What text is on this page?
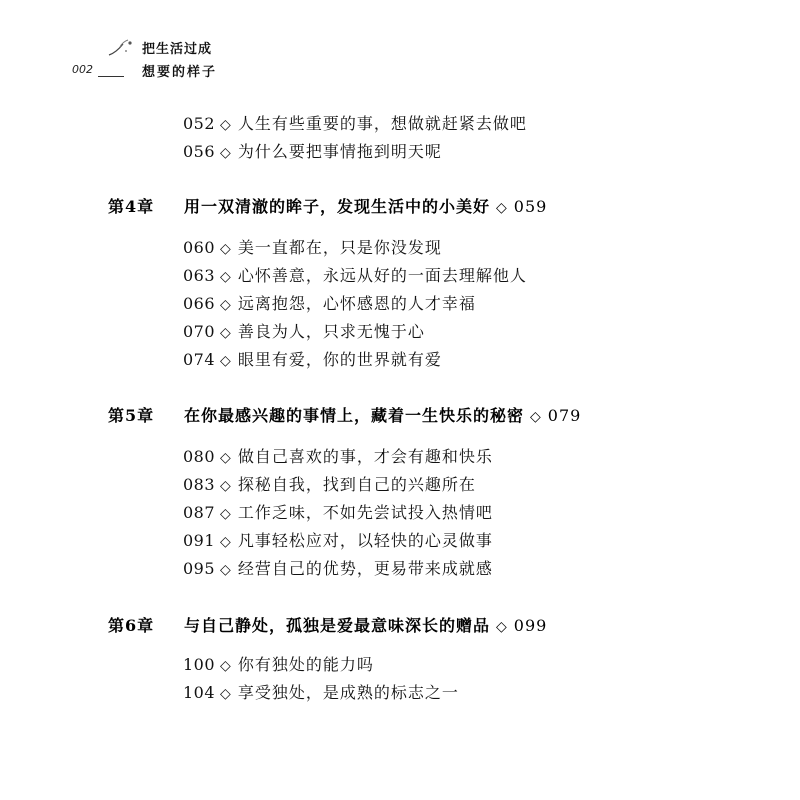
把生活过成
002	想要的样子
052 ◇ 人生有些重要的事，想做就赶紧去做吧
056 ◇ 为什么要把事情拖到明天呢
第4章 用一双清澈的眸子，发现生活中的小美好 ◇ 059
060 ◇ 美一直都在，只是你没发现
063 ◇ 心怀善意，永远从好的一面去理解他人
066 ◇ 远离抱怨，心怀感恩的人才幸福
070 ◇ 善良为人，只求无愧于心
074 ◇ 眼里有爱，你的世界就有爱
第5章 在你最感兴趣的事情上，藏着一生快乐的秘密 ◇ 079
080 ◇ 做自己喜欢的事，才会有趣和快乐
083 ◇ 探秘自我，找到自己的兴趣所在
087 ◇ 工作乏味，不如先尝试投入热情吧
091 ◇ 凡事轻松应对，以轻快的心灵做事
095 ◇ 经营自己的优势，更易带来成就感
第6章 与自己静处，孤独是爱最意味深长的赠品 ◇ 099
100 ◇ 你有独处的能力吗
104 ◇ 享受独处，是成熟的标志之一
